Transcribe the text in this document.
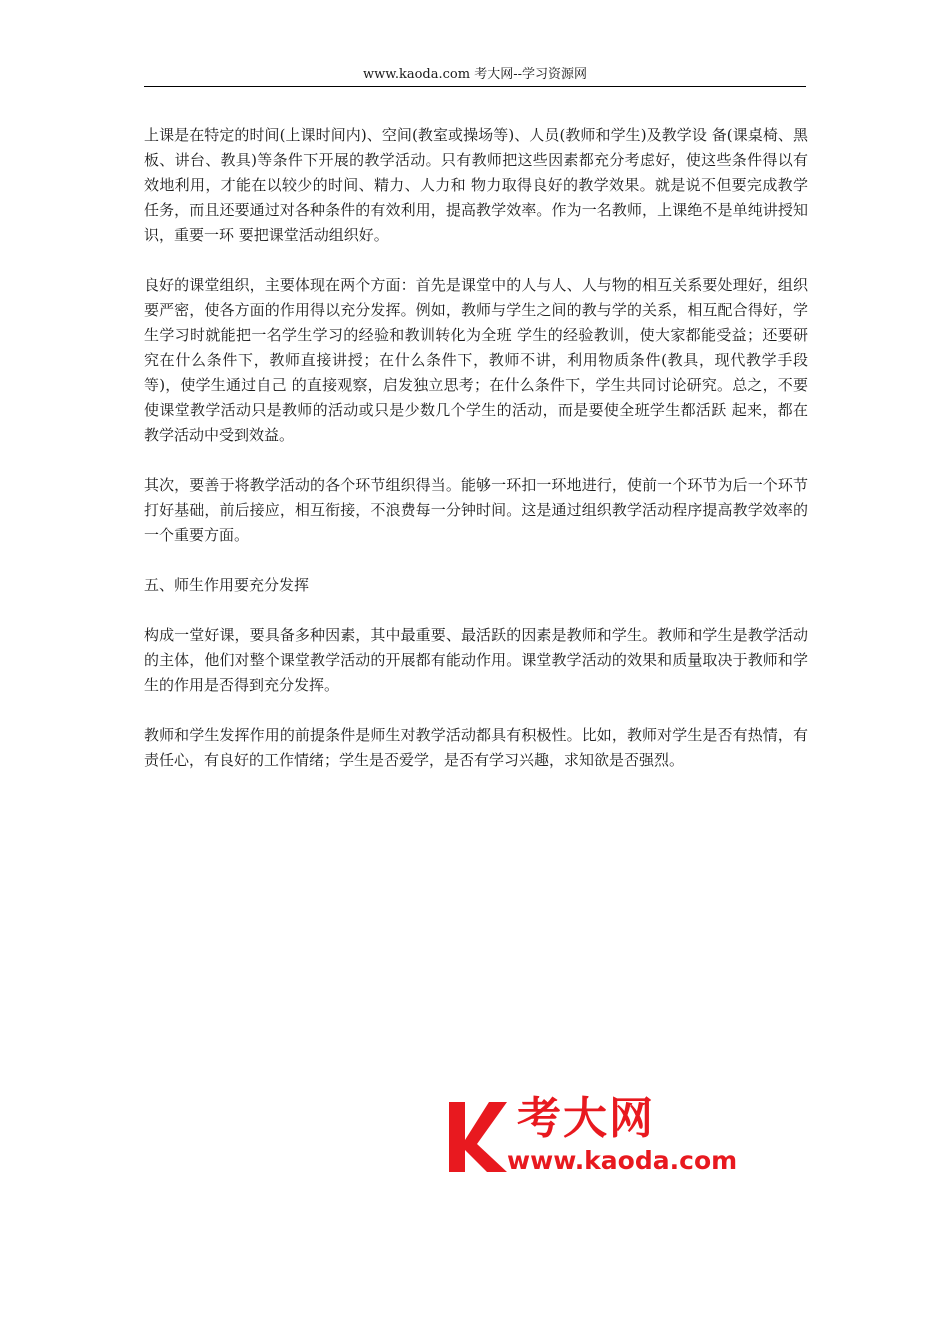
www.kaoda.com 考大网--学习资源网

上课是在特定的时间(上课时间内)、空间(教室或操场等)、人员(教师和学生)及教学设 备(课桌椅、黑板、讲台、教具)等条件下开展的教学活动。只有教师把这些因素都充分考虑好，使这些条件得以有效地利用，才能在以较少的时间、精力、人力和 物力取得良好的教学效果。就是说不但要完成教学任务，而且还要通过对各种条件的有效利用，提高教学效率。作为一名教师，上课绝不是单纯讲授知识，重要一环 要把课堂活动组织好。

良好的课堂组织，主要体现在两个方面：首先是课堂中的人与人、人与物的相互关系要处理好，组织要严密，使各方面的作用得以充分发挥。例如，教师与学生之间的教与学的关系，相互配合得好，学生学习时就能把一名学生学习的经验和教训转化为全班 学生的经验教训，使大家都能受益；还要研究在什么条件下，教师直接讲授；在什么条件下，教师不讲，利用物质条件(教具，现代教学手段等)，使学生通过自己 的直接观察，启发独立思考；在什么条件下，学生共同讨论研究。总之，不要使课堂教学活动只是教师的活动或只是少数几个学生的活动，而是要使全班学生都活跃 起来，都在教学活动中受到效益。

其次，要善于将教学活动的各个环节组织得当。能够一环扣一环地进行，使前一个环节为后一个环节打好基础，前后接应，相互衔接，不浪费每一分钟时间。这是通过组织教学活动程序提高教学效率的一个重要方面。

五、师生作用要充分发挥

构成一堂好课，要具备多种因素，其中最重要、最活跃的因素是教师和学生。教师和学生是教学活动的主体，他们对整个课堂教学活动的开展都有能动作用。课堂教学活动的效果和质量取决于教师和学生的作用是否得到充分发挥。

教师和学生发挥作用的前提条件是师生对教学活动都具有积极性。比如，教师对学生是否有热情，有责任心，有良好的工作情绪；学生是否爱学，是否有学习兴趣，求知欲是否强烈。

考大网
www.kaoda.com
